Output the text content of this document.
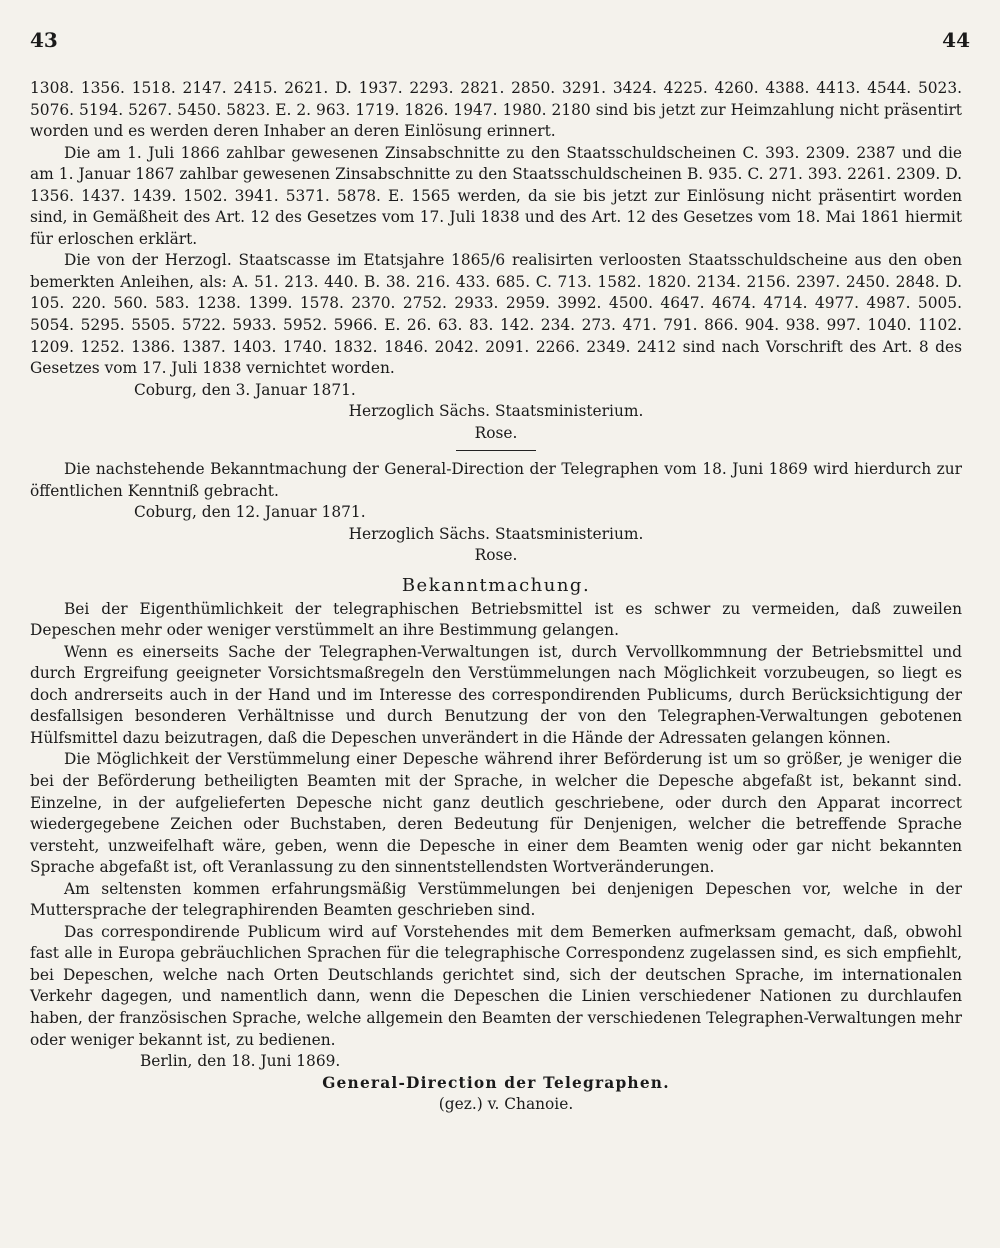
43	44

1308. 1356. 1518. 2147. 2415. 2621. D. 1937. 2293. 2821. 2850. 3291. 3424. 4225. 4260. 4388. 4413. 4544. 5023. 5076. 5194. 5267. 5450. 5823. E. 2. 963. 1719. 1826. 1947. 1980. 2180 sind bis jetzt zur Heimzahlung nicht präsentirt worden und es werden deren Inhaber an deren Einlösung erinnert.

Die am 1. Juli 1866 zahlbar gewesenen Zinsabschnitte zu den Staatsschuldscheinen C. 393. 2309. 2387 und die am 1. Januar 1867 zahlbar gewesenen Zinsabschnitte zu den Staatsschuldscheinen B. 935. C. 271. 393. 2261. 2309. D. 1356. 1437. 1439. 1502. 3941. 5371. 5878. E. 1565 werden, da sie bis jetzt zur Einlösung nicht präsentirt worden sind, in Gemäßheit des Art. 12 des Gesetzes vom 17. Juli 1838 und des Art. 12 des Gesetzes vom 18. Mai 1861 hiermit für erloschen erklärt.

Die von der Herzogl. Staatscasse im Etatsjahre 1865/6 realisirten verloosten Staatsschuldscheine aus den oben bemerkten Anleihen, als: A. 51. 213. 440. B. 38. 216. 433. 685. C. 713. 1582. 1820. 2134. 2156. 2397. 2450. 2848. D. 105. 220. 560. 583. 1238. 1399. 1578. 2370. 2752. 2933. 2959. 3992. 4500. 4647. 4674. 4714. 4977. 4987. 5005. 5054. 5295. 5505. 5722. 5933. 5952. 5966. E. 26. 63. 83. 142. 234. 273. 471. 791. 866. 904. 938. 997. 1040. 1102. 1209. 1252. 1386. 1387. 1403. 1740. 1832. 1846. 2042. 2091. 2266. 2349. 2412 sind nach Vorschrift des Art. 8 des Gesetzes vom 17. Juli 1838 vernichtet worden.

Coburg, den 3. Januar 1871.

Herzoglich Sächs. Staatsministerium.

Rose.

Die nachstehende Bekanntmachung der General-Direction der Telegraphen vom 18. Juni 1869 wird hierdurch zur öffentlichen Kenntniß gebracht.

Coburg, den 12. Januar 1871.

Herzoglich Sächs. Staatsministerium.

Rose.

Bekanntmachung.

Bei der Eigenthümlichkeit der telegraphischen Betriebsmittel ist es schwer zu vermeiden, daß zuweilen Depeschen mehr oder weniger verstümmelt an ihre Bestimmung gelangen.

Wenn es einerseits Sache der Telegraphen-Verwaltungen ist, durch Vervollkommnung der Betriebsmittel und durch Ergreifung geeigneter Vorsichtsmaßregeln den Verstümmelungen nach Möglichkeit vorzubeugen, so liegt es doch andrerseits auch in der Hand und im Interesse des correspondirenden Publicums, durch Berücksichtigung der desfallsigen besonderen Verhältnisse und durch Benutzung der von den Telegraphen-Verwaltungen gebotenen Hülfsmittel dazu beizutragen, daß die Depeschen unverändert in die Hände der Adressaten gelangen können.

Die Möglichkeit der Verstümmelung einer Depesche während ihrer Beförderung ist um so größer, je weniger die bei der Beförderung betheiligten Beamten mit der Sprache, in welcher die Depesche abgefaßt ist, bekannt sind. Einzelne, in der aufgelieferten Depesche nicht ganz deutlich geschriebene, oder durch den Apparat incorrect wiedergegebene Zeichen oder Buchstaben, deren Bedeutung für Denjenigen, welcher die betreffende Sprache versteht, unzweifelhaft wäre, geben, wenn die Depesche in einer dem Beamten wenig oder gar nicht bekannten Sprache abgefaßt ist, oft Veranlassung zu den sinnentstellendsten Wortveränderungen.

Am seltensten kommen erfahrungsmäßig Verstümmelungen bei denjenigen Depeschen vor, welche in der Muttersprache der telegraphirenden Beamten geschrieben sind.

Das correspondirende Publicum wird auf Vorstehendes mit dem Bemerken aufmerksam gemacht, daß, obwohl fast alle in Europa gebräuchlichen Sprachen für die telegraphische Correspondenz zugelassen sind, es sich empfiehlt, bei Depeschen, welche nach Orten Deutschlands gerichtet sind, sich der deutschen Sprache, im internationalen Verkehr dagegen, und namentlich dann, wenn die Depeschen die Linien verschiedener Nationen zu durchlaufen haben, der französischen Sprache, welche allgemein den Beamten der verschiedenen Telegraphen-Verwaltungen mehr oder weniger bekannt ist, zu bedienen.

Berlin, den 18. Juni 1869.

General-Direction der Telegraphen.

(gez.) v. Chanoie.
